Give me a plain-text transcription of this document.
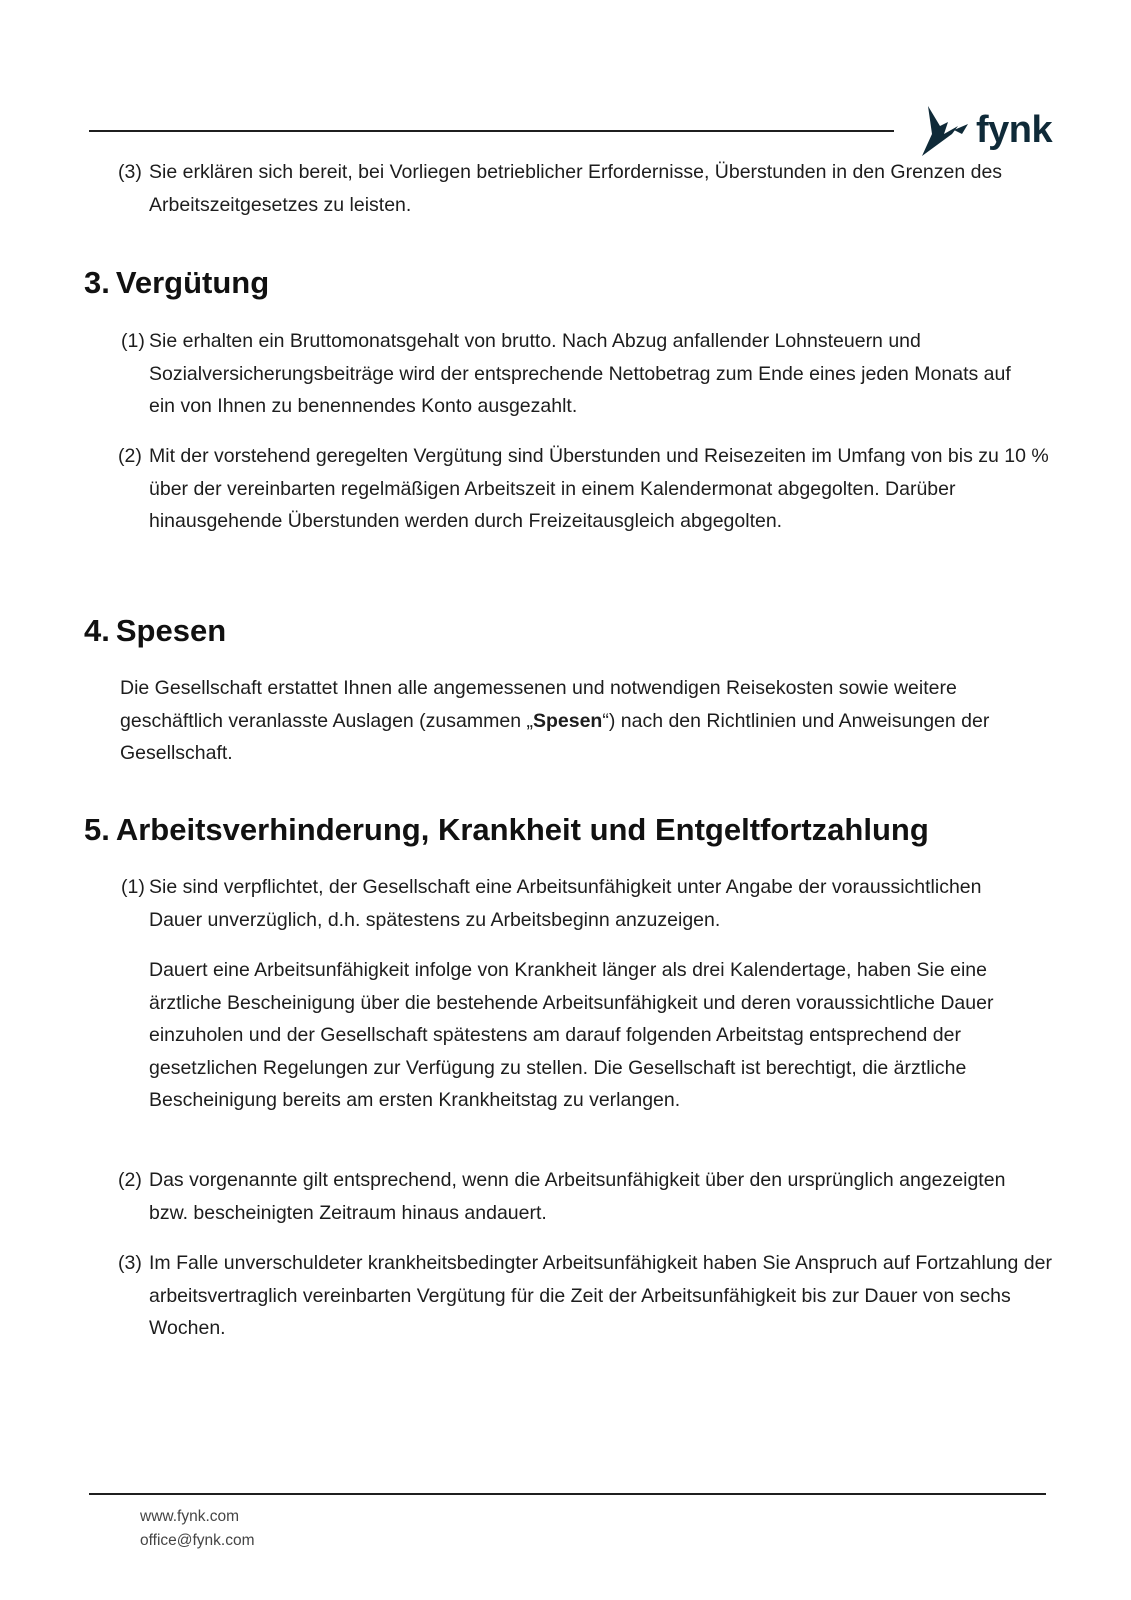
fynk
(3) Sie erklären sich bereit, bei Vorliegen betrieblicher Erfordernisse, Überstunden in den Grenzen des Arbeitszeitgesetzes zu leisten.
3. Vergütung
(1) Sie erhalten ein Bruttomonatsgehalt von brutto. Nach Abzug anfallender Lohnsteuern und Sozialversicherungsbeiträge wird der entsprechende Nettobetrag zum Ende eines jeden Monats auf ein von Ihnen zu benennendes Konto ausgezahlt.
(2) Mit der vorstehend geregelten Vergütung sind Überstunden und Reisezeiten im Umfang von bis zu 10 % über der vereinbarten regelmäßigen Arbeitszeit in einem Kalendermonat abgegolten. Darüber hinausgehende Überstunden werden durch Freizeitausgleich abgegolten.
4. Spesen

Die Gesellschaft erstattet Ihnen alle angemessenen und notwendigen Reisekosten sowie weitere geschäftlich veranlasste Auslagen (zusammen „Spesen“) nach den Richtlinien und Anweisungen der Gesellschaft.

5. Arbeitsverhinderung, Krankheit und Entgeltfortzahlung
(1) Sie sind verpflichtet, der Gesellschaft eine Arbeitsunfähigkeit unter Angabe der voraussichtlichen Dauer unverzüglich, d.h. spätestens zu Arbeitsbeginn anzuzeigen.
Dauert eine Arbeitsunfähigkeit infolge von Krankheit länger als drei Kalendertage, haben Sie eine ärztliche Bescheinigung über die bestehende Arbeitsunfähigkeit und deren voraussichtliche Dauer einzuholen und der Gesellschaft spätestens am darauf folgenden Arbeitstag entsprechend der gesetzlichen Regelungen zur Verfügung zu stellen. Die Gesellschaft ist berechtigt, die ärztliche Bescheinigung bereits am ersten Krankheitstag zu verlangen.
(2) Das vorgenannte gilt entsprechend, wenn die Arbeitsunfähigkeit über den ursprünglich angezeigten bzw. bescheinigten Zeitraum hinaus andauert.
(3) Im Falle unverschuldeter krankheitsbedingter Arbeitsunfähigkeit haben Sie Anspruch auf Fortzahlung der arbeitsvertraglich vereinbarten Vergütung für die Zeit der Arbeitsunfähigkeit bis zur Dauer von sechs Wochen.
www.fynk.com
office@fynk.com
